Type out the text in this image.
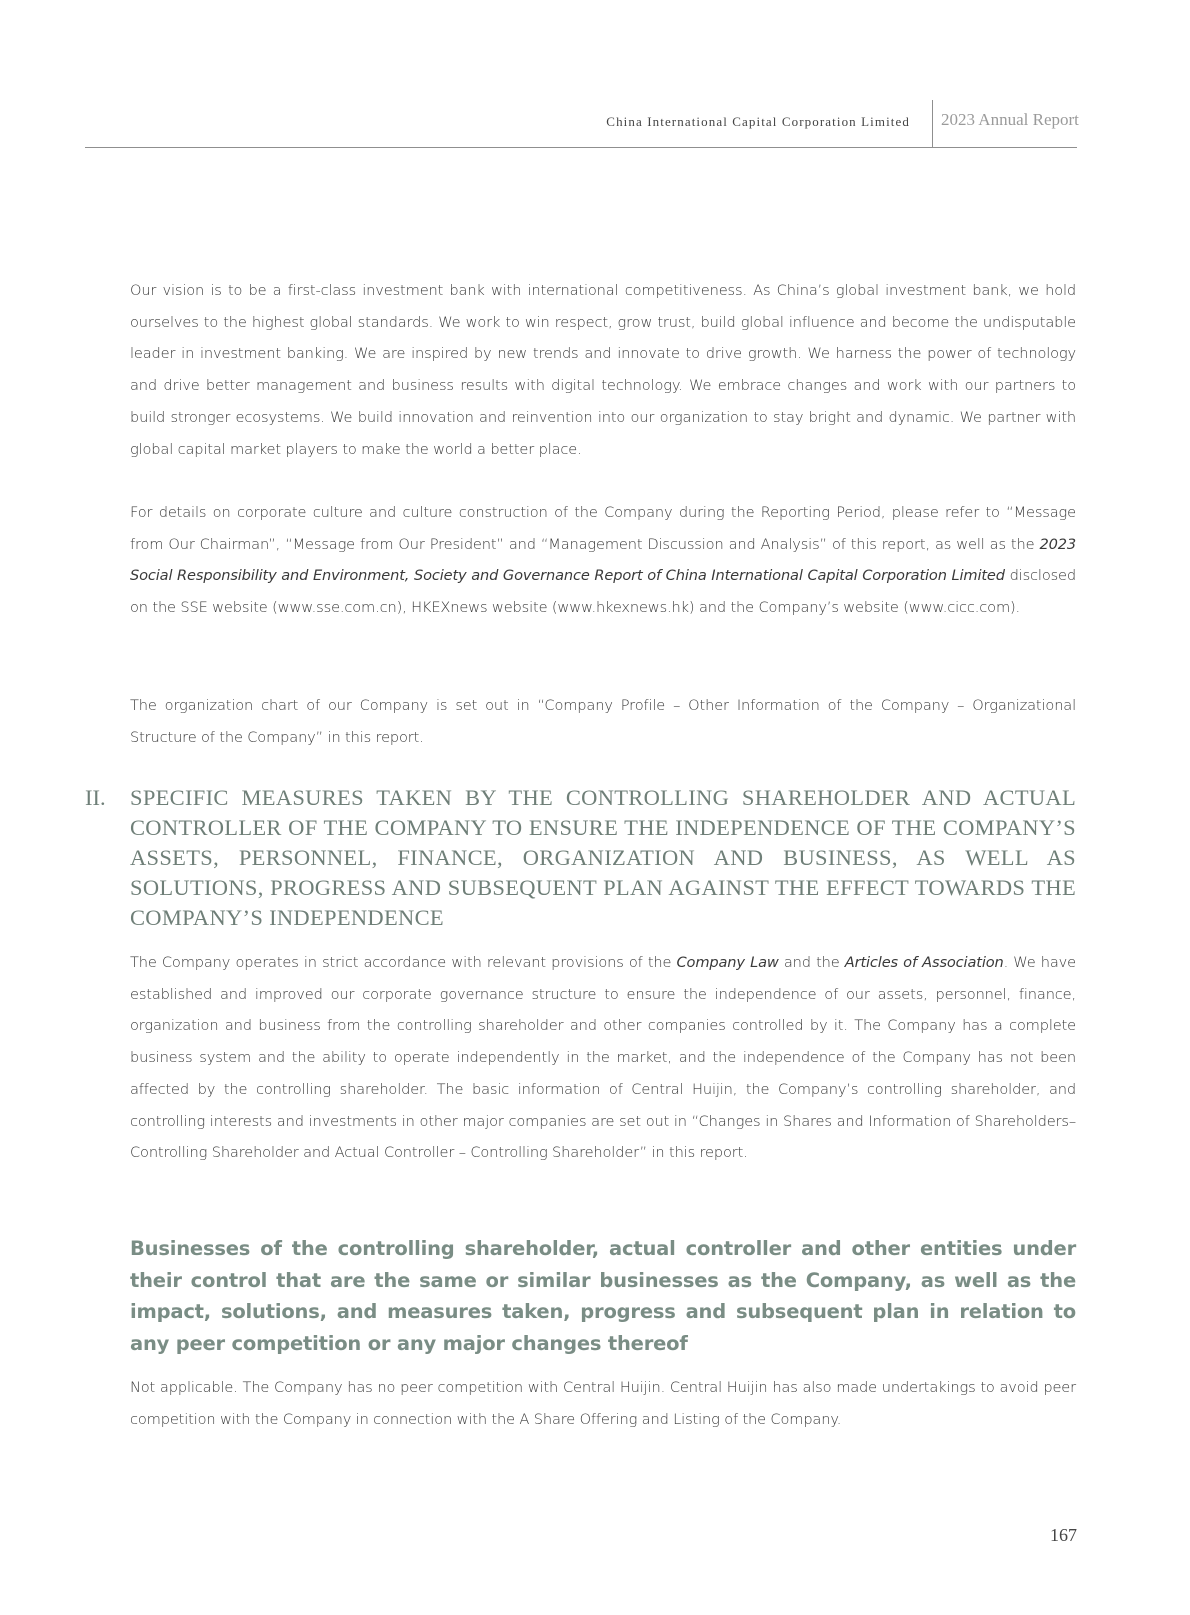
China International Capital Corporation Limited 2023 Annual Report

Our vision is to be a first-class investment bank with international competitiveness. As China’s global investment bank, we hold ourselves to the highest global standards. We work to win respect, grow trust, build global influence and become the undisputable leader in investment banking. We are inspired by new trends and innovate to drive growth. We harness the power of technology and drive better management and business results with digital technology. We embrace changes and work with our partners to build stronger ecosystems. We build innovation and reinvention into our organization to stay bright and dynamic. We partner with global capital market players to make the world a better place.

For details on corporate culture and culture construction of the Company during the Reporting Period, please refer to “Message from Our Chairman”, “Message from Our President” and “Management Discussion and Analysis” of this report, as well as the 2023 Social Responsibility and Environment, Society and Governance Report of China International Capital Corporation Limited disclosed on the SSE website (www.sse.com.cn), HKEXnews website (www.hkexnews.hk) and the Company’s website (www.cicc.com).

The organization chart of our Company is set out in “Company Profile – Other Information of the Company – Organizational Structure of the Company” in this report.

II. SPECIFIC MEASURES TAKEN BY THE CONTROLLING SHAREHOLDER AND ACTUAL CONTROLLER OF THE COMPANY TO ENSURE THE INDEPENDENCE OF THE COMPANY’S ASSETS, PERSONNEL, FINANCE, ORGANIZATION AND BUSINESS, AS WELL AS SOLUTIONS, PROGRESS AND SUBSEQUENT PLAN AGAINST THE EFFECT TOWARDS THE COMPANY’S INDEPENDENCE

The Company operates in strict accordance with relevant provisions of the Company Law and the Articles of Association. We have established and improved our corporate governance structure to ensure the independence of our assets, personnel, finance, organization and business from the controlling shareholder and other companies controlled by it. The Company has a complete business system and the ability to operate independently in the market, and the independence of the Company has not been affected by the controlling shareholder. The basic information of Central Huijin, the Company’s controlling shareholder, and controlling interests and investments in other major companies are set out in “Changes in Shares and Information of Shareholders– Controlling Shareholder and Actual Controller – Controlling Shareholder” in this report.

Businesses of the controlling shareholder, actual controller and other entities under their control that are the same or similar businesses as the Company, as well as the impact, solutions, and measures taken, progress and subsequent plan in relation to any peer competition or any major changes thereof

Not applicable. The Company has no peer competition with Central Huijin. Central Huijin has also made undertakings to avoid peer competition with the Company in connection with the A Share Offering and Listing of the Company.

167
